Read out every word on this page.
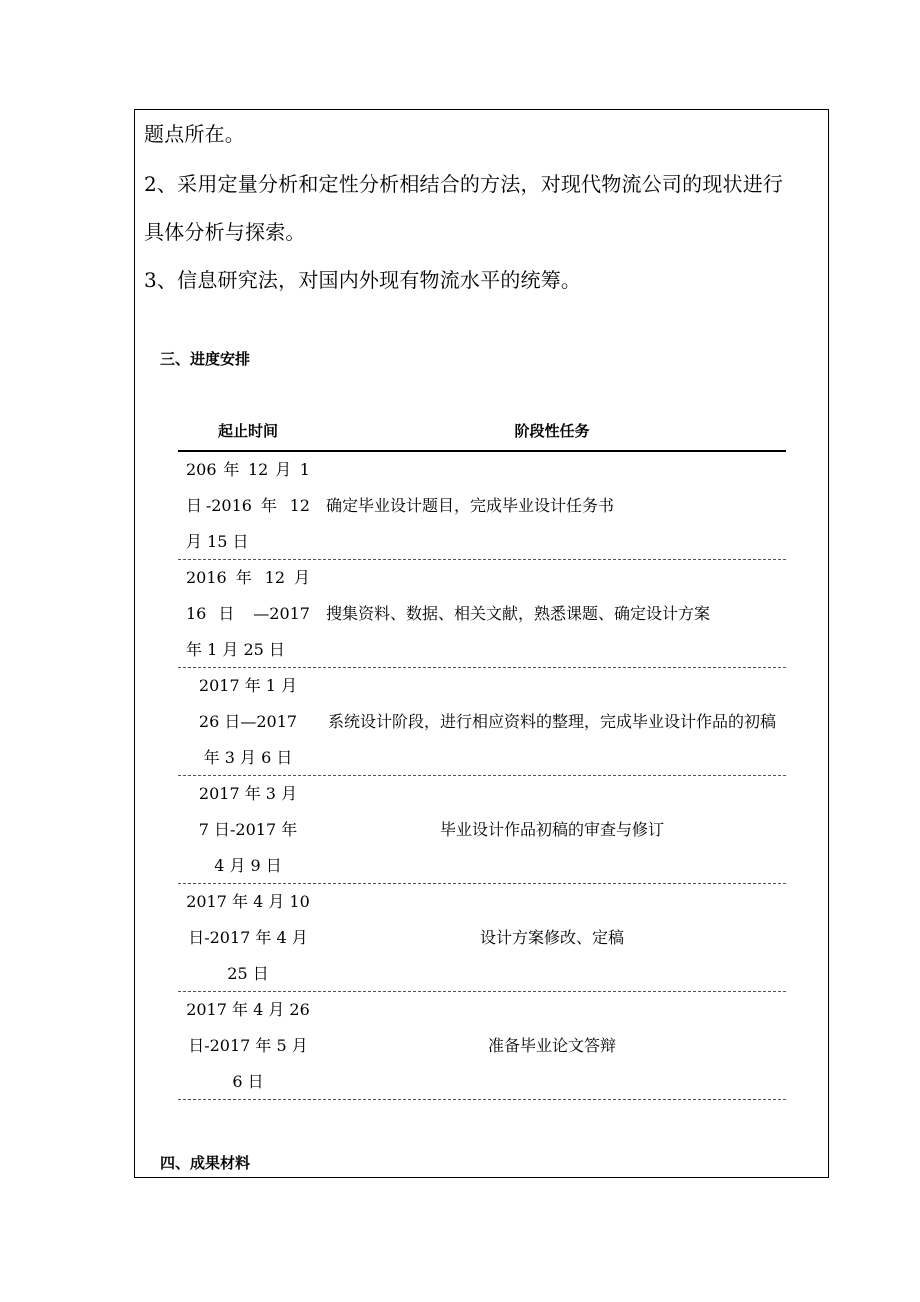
题点所在。
2、采用定量分析和定性分析相结合的方法，对现代物流公司的现状进行
具体分析与探索。
3、信息研究法，对国内外现有物流水平的统筹。
三、进度安排
起止时间	阶段性任务
206 年 12 月 1 日-2016 年 12 月 15 日
确定毕业设计题目，完成毕业设计任务书
2016 年 12 月 16 日 —2017 年 1 月 25 日
搜集资料、数据、相关文献，熟悉课题、确定设计方案
2017 年 1 月 26 日—2017 年 3 月 6 日
系统设计阶段，进行相应资料的整理，完成毕业设计作品的初稿
2017 年 3 月 7 日-2017 年 4 月 9 日
毕业设计作品初稿的审查与修订
2017 年 4 月 10 日-2017 年 4 月 25 日
设计方案修改、定稿
2017 年 4 月 26 日-2017 年 5 月 6 日
准备毕业论文答辩
四、成果材料
